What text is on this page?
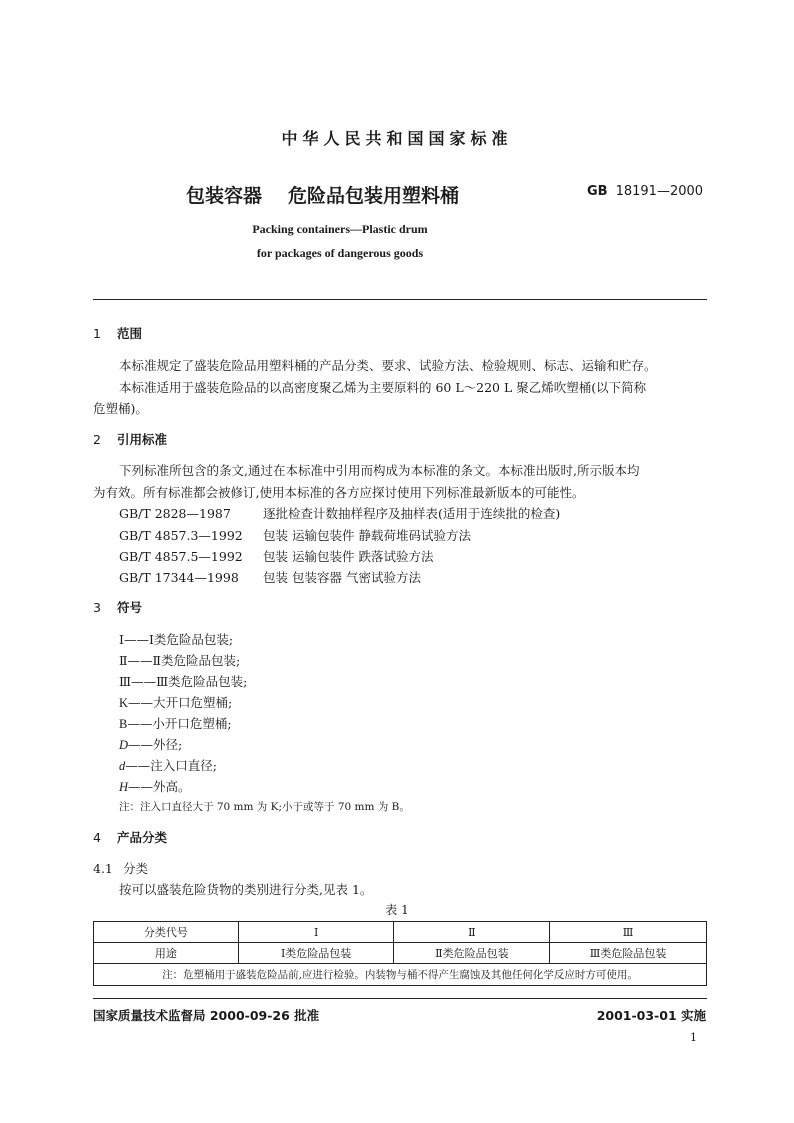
中华人民共和国国家标准
包装容器 危险品包装用塑料桶	GB 18191—2000
Packing containers—Plastic drum
for packages of dangerous goods
1 范围
本标准规定了盛装危险品用塑料桶的产品分类、要求、试验方法、检验规则、标志、运输和贮存。
本标准适用于盛装危险品的以高密度聚乙烯为主要原料的 60 L～220 L 聚乙烯吹塑桶(以下简称
危塑桶)。
2 引用标准
下列标准所包含的条文,通过在本标准中引用而构成为本标准的条文。本标准出版时,所示版本均
为有效。所有标准都会被修订,使用本标准的各方应探讨使用下列标准最新版本的可能性。
GB/T 2828—1987	逐批检查计数抽样程序及抽样表(适用于连续批的检查)
GB/T 4857.3—1992 包装 运输包装件 静载荷堆码试验方法
GB/T 4857.5—1992 包装 运输包装件 跌落试验方法
GB/T 17344—1998 包装 包装容器 气密试验方法
3 符号
Ⅰ——Ⅰ类危险品包装;
Ⅱ——Ⅱ类危险品包装;
Ⅲ——Ⅲ类危险品包装;
K——大开口危塑桶;
B——小开口危塑桶;
D——外径;
d——注入口直径;
H——外高。
注：注入口直径大于 70 mm 为 K;小于或等于 70 mm 为 B。
4 产品分类
4.1 分类
按可以盛装危险货物的类别进行分类,见表 1。
表 1
分类代号	Ⅰ	Ⅱ	Ⅲ
用途	Ⅰ类危险品包装	Ⅱ类危险品包装	Ⅲ类危险品包装
注：危塑桶用于盛装危险品前,应进行检验。内装物与桶不得产生腐蚀及其他任何化学反应时方可使用。			
国家质量技术监督局 2000-09-26 批准	2001-03-01 实施
1
